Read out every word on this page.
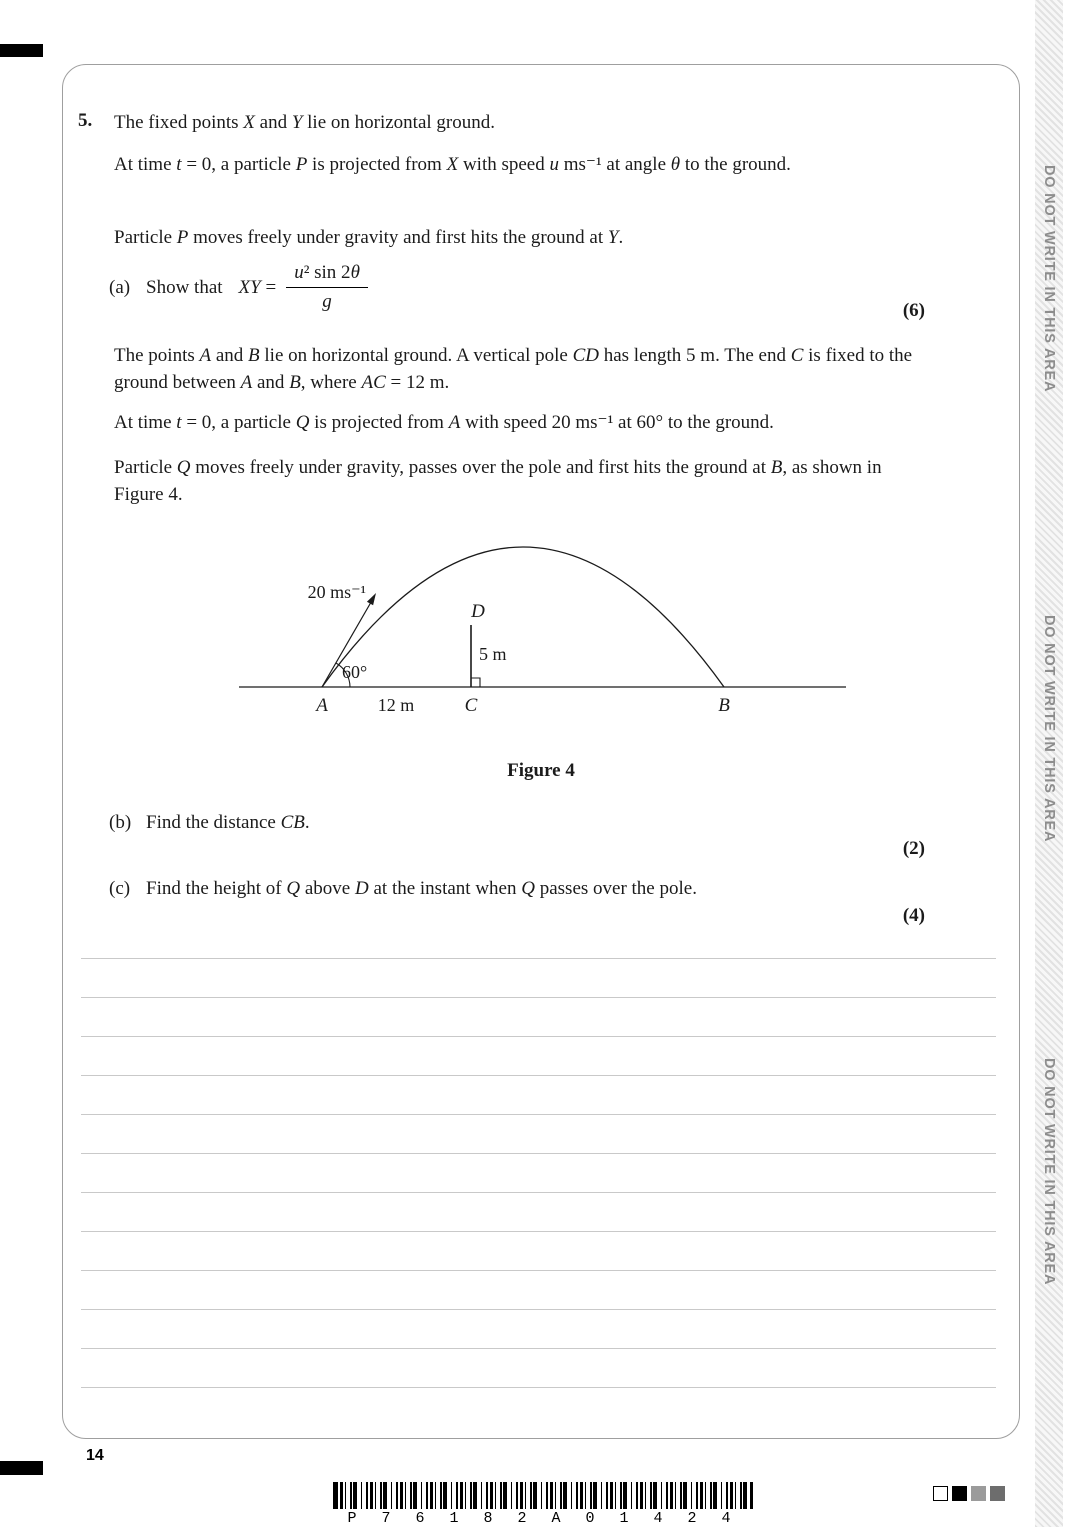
DO NOT WRITE IN THIS AREA
DO NOT WRITE IN THIS AREA
DO NOT WRITE IN THIS AREA
5. The fixed points X and Y lie on horizontal ground.

At time t = 0, a particle P is projected from X with speed u ms⁻¹ at angle θ to the ground.

Particle P moves freely under gravity and first hits the ground at Y.

(a) Show that XY = $\frac{\text{u² sin 2θ}}{g}$	(6)

The points A and B lie on horizontal ground. A vertical pole CD has length 5 m. The end C is fixed to the ground between A and B, where AC = 12 m.

At time t = 0, a particle Q is projected from A with speed 20 ms⁻¹ at 60° to the ground.

Particle Q moves freely under gravity, passes over the pole and first hits the ground at B, as shown in Figure 4.

20 ms⁻¹
60°
D
5 m
A	12 m	C	B
Figure 4
(b) Find the distance CB.
(2)
(c) Find the height of Q above D at the instant when Q passes over the pole.
(4)
14
P 7 6 1 8 2 A 0 1 4 2 4
